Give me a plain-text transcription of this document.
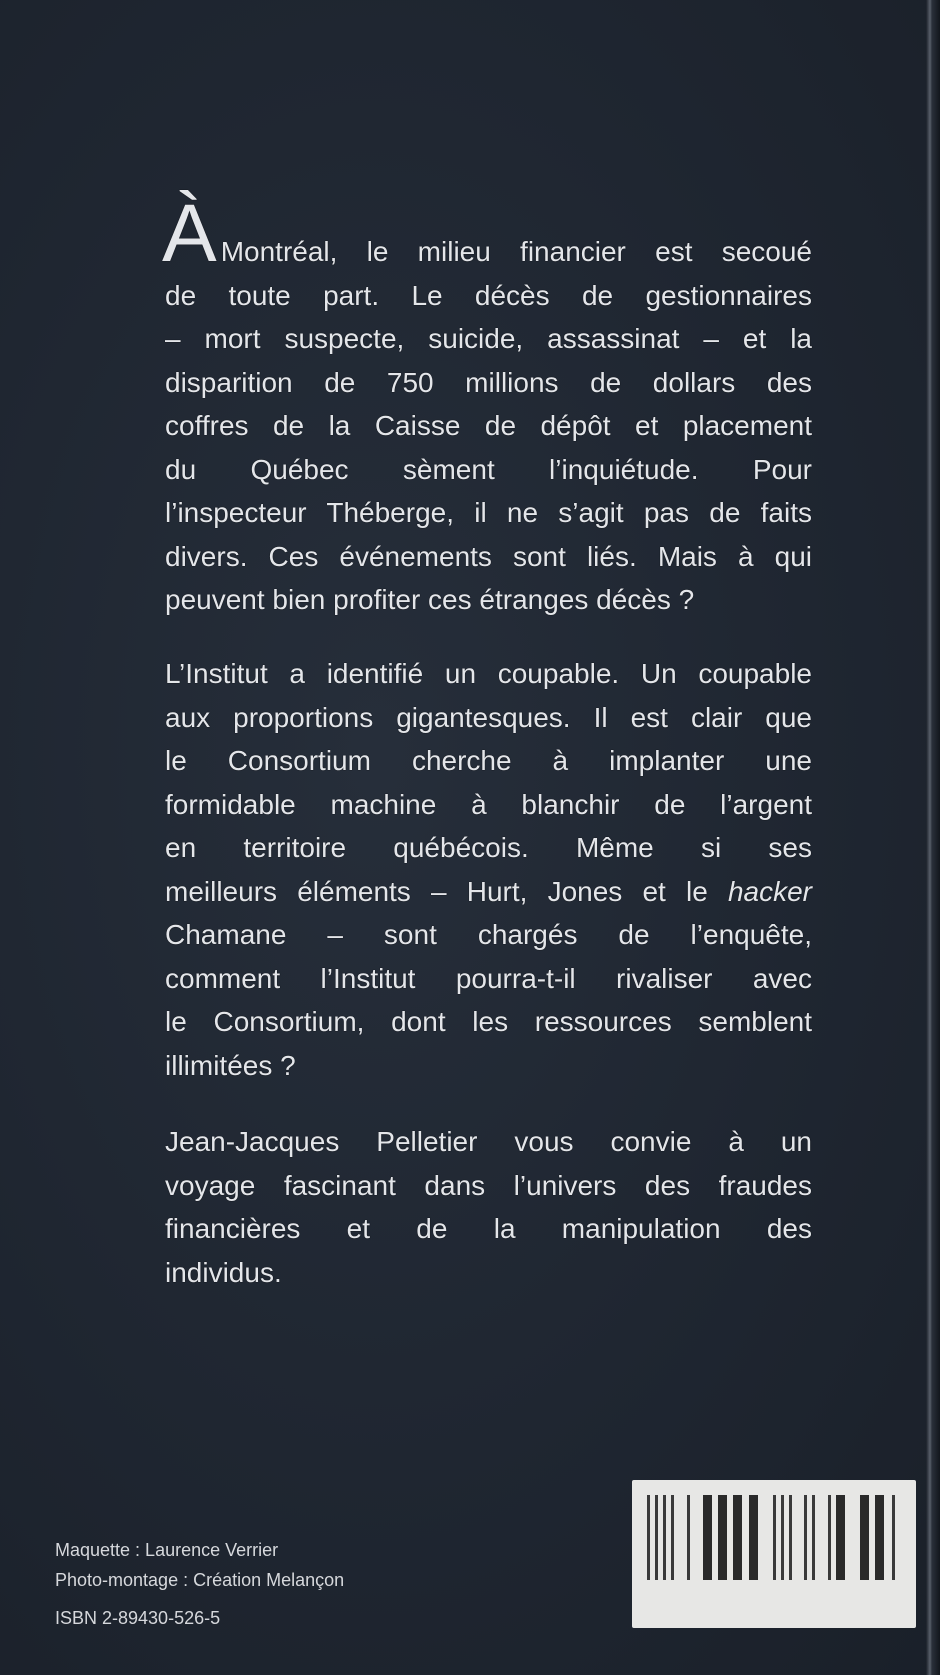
À Montréal, le milieu financier est secoué
de toute part. Le décès de gestionnaires
– mort suspecte, suicide, assassinat – et la
disparition de 750 millions de dollars des
coffres de la Caisse de dépôt et placement
du Québec sèment l’inquiétude. Pour
l’inspecteur Théberge, il ne s’agit pas de faits
divers. Ces événements sont liés. Mais à qui
peuvent bien profiter ces étranges décès ?
L’Institut a identifié un coupable. Un coupable
aux proportions gigantesques. Il est clair que
le Consortium cherche à implanter une
formidable machine à blanchir de l’argent
en territoire québécois. Même si ses
meilleurs éléments – Hurt, Jones et le hacker
Chamane – sont chargés de l’enquête,
comment l’Institut pourra-t-il rivaliser avec
le Consortium, dont les ressources semblent
illimitées ?
Jean-Jacques Pelletier vous convie à un
voyage fascinant dans l’univers des fraudes
financières et de la manipulation des
individus.
Maquette : Laurence Verrier
Photo-montage : Création Melançon
ISBN 2-89430-526-5
